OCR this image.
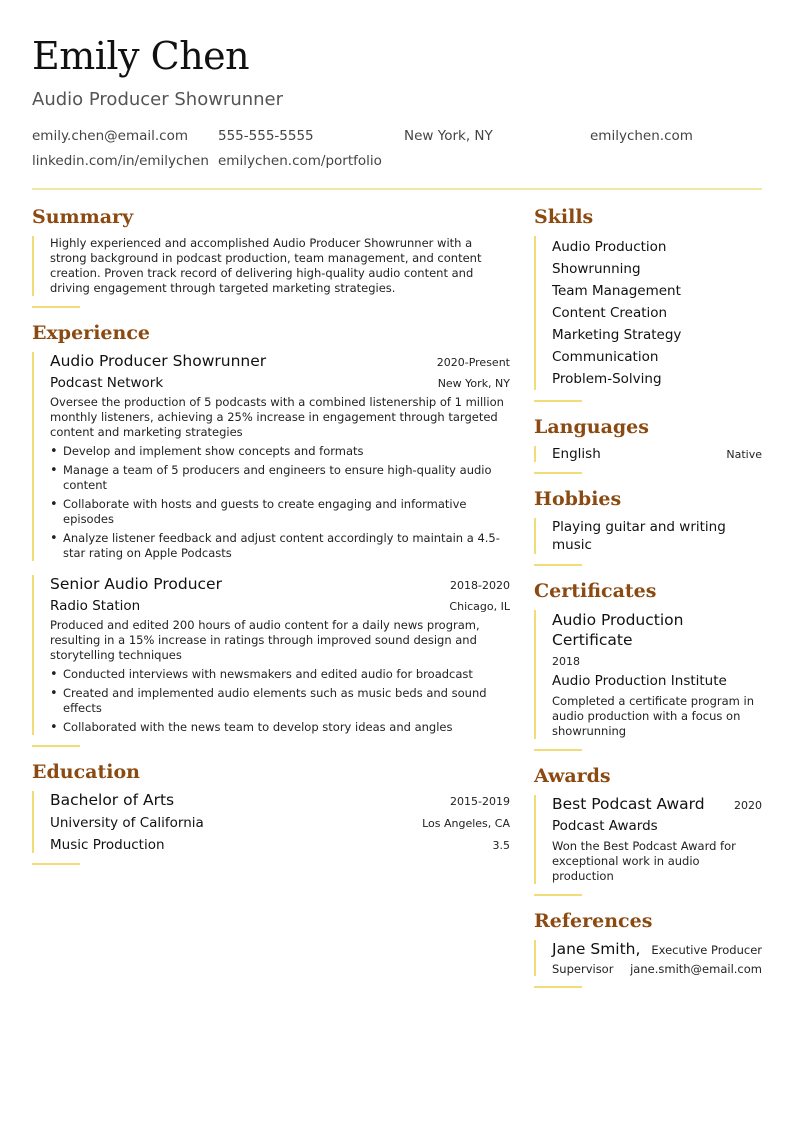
Emily Chen
Audio Producer Showrunner
emily.chen@email.com	555-555-5555	New York, NY	emilychen.com
linkedin.com/in/emilychen emilychen.com/portfolio
Summary

Highly experienced and accomplished Audio Producer Showrunner with a strong background in podcast production, team management, and content creation. Proven track record of delivering high-quality audio content and driving engagement through targeted marketing strategies.

Experience
Audio Producer Showrunner	2020-Present
Podcast Network	New York, NY

Oversee the production of 5 podcasts with a combined listenership of 1 million monthly listeners, achieving a 25% increase in engagement through targeted content and marketing strategies

• Develop and implement show concepts and formats
• Manage a team of 5 producers and engineers to ensure high-quality audio content
• Collaborate with hosts and guests to create engaging and informative episodes
• Analyze listener feedback and adjust content accordingly to maintain a 4.5-star rating on Apple Podcasts
Senior Audio Producer	2018-2020
Radio Station	Chicago, IL

Produced and edited 200 hours of audio content for a daily news program, resulting in a 15% increase in ratings through improved sound design and storytelling techniques

• Conducted interviews with newsmakers and edited audio for broadcast
• Created and implemented audio elements such as music beds and sound effects
• Collaborated with the news team to develop story ideas and angles
Education
Bachelor of Arts	2015-2019
University of California	Los Angeles, CA
Music Production	3.5
Skills
Audio Production
Showrunning
Team Management
Content Creation
Marketing Strategy
Communication
Problem-Solving
Languages
English	Native
Hobbies
Playing guitar and writing music
Certificates
Audio Production Certificate
2018
Audio Production Institute

Completed a certificate program in audio production with a focus on showrunning

Awards
Best Podcast Award	2020
Podcast Awards

Won the Best Podcast Award for exceptional work in audio production

References
Jane Smith, Executive Producer
Supervisor jane.smith@email.com
